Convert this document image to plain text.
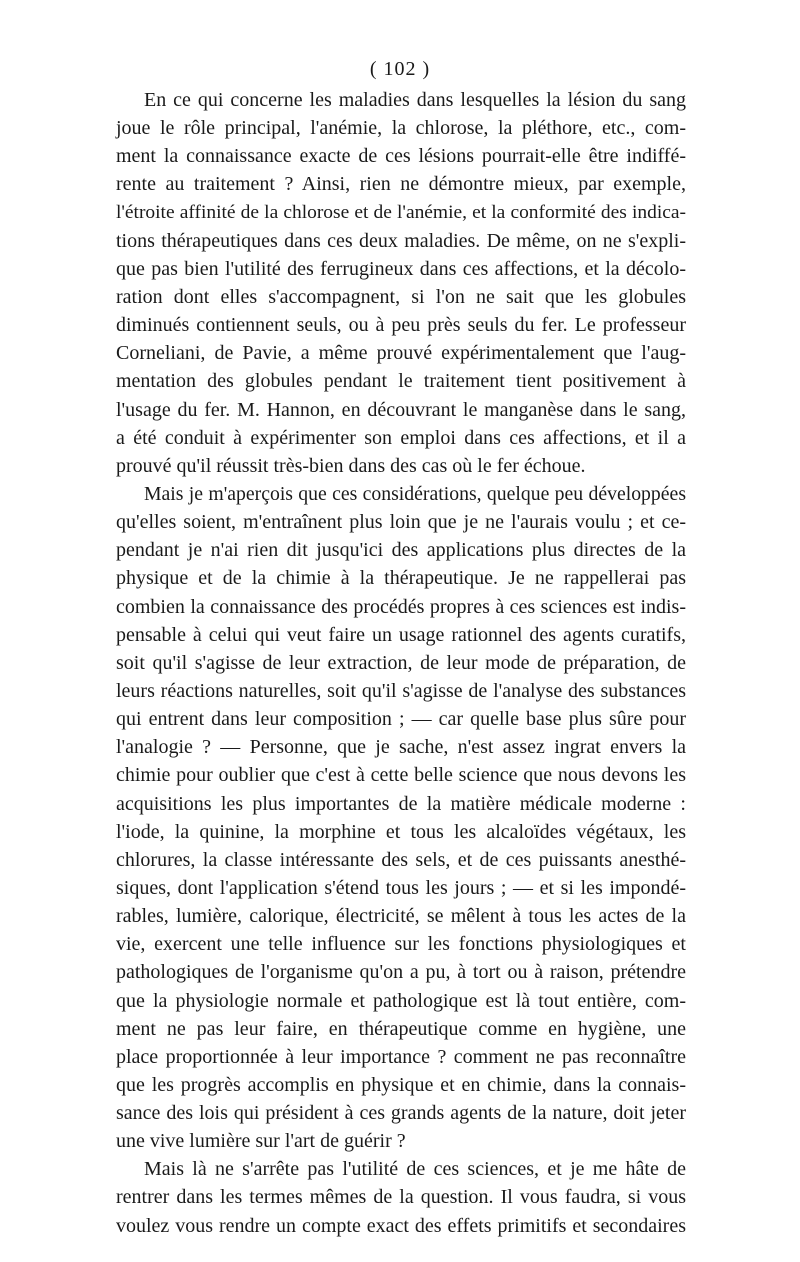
( 102 )

En ce qui concerne les maladies dans lesquelles la lésion du sang
joue le rôle principal, l'anémie, la chlorose, la pléthore, etc., com-
ment la connaissance exacte de ces lésions pourrait-elle être indiffé-
rente au traitement ? Ainsi, rien ne démontre mieux, par exemple,
l'étroite affinité de la chlorose et de l'anémie, et la conformité des indica-
tions thérapeutiques dans ces deux maladies. De même, on ne s'expli-
que pas bien l'utilité des ferrugineux dans ces affections, et la décolo-
ration dont elles s'accompagnent, si l'on ne sait que les globules
diminués contiennent seuls, ou à peu près seuls du fer. Le professeur
Corneliani, de Pavie, a même prouvé expérimentalement que l'aug-
mentation des globules pendant le traitement tient positivement à
l'usage du fer. M. Hannon, en découvrant le manganèse dans le sang,
a été conduit à expérimenter son emploi dans ces affections, et il a
prouvé qu'il réussit très-bien dans des cas où le fer échoue.

Mais je m'aperçois que ces considérations, quelque peu développées
qu'elles soient, m'entraînent plus loin que je ne l'aurais voulu ; et ce-
pendant je n'ai rien dit jusqu'ici des applications plus directes de la
physique et de la chimie à la thérapeutique. Je ne rappellerai pas
combien la connaissance des procédés propres à ces sciences est indis-
pensable à celui qui veut faire un usage rationnel des agents curatifs,
soit qu'il s'agisse de leur extraction, de leur mode de préparation, de
leurs réactions naturelles, soit qu'il s'agisse de l'analyse des substances
qui entrent dans leur composition ; — car quelle base plus sûre pour
l'analogie ? — Personne, que je sache, n'est assez ingrat envers la
chimie pour oublier que c'est à cette belle science que nous devons les
acquisitions les plus importantes de la matière médicale moderne :
l'iode, la quinine, la morphine et tous les alcaloïdes végétaux, les
chlorures, la classe intéressante des sels, et de ces puissants anesthé-
siques, dont l'application s'étend tous les jours ; — et si les impondé-
rables, lumière, calorique, électricité, se mêlent à tous les actes de la
vie, exercent une telle influence sur les fonctions physiologiques et
pathologiques de l'organisme qu'on a pu, à tort ou à raison, prétendre
que la physiologie normale et pathologique est là tout entière, com-
ment ne pas leur faire, en thérapeutique comme en hygiène, une
place proportionnée à leur importance ? comment ne pas reconnaître
que les progrès accomplis en physique et en chimie, dans la connais-
sance des lois qui président à ces grands agents de la nature, doit jeter
une vive lumière sur l'art de guérir ?

Mais là ne s'arrête pas l'utilité de ces sciences, et je me hâte de
rentrer dans les termes mêmes de la question. Il vous faudra, si vous
voulez vous rendre un compte exact des effets primitifs et secondaires
